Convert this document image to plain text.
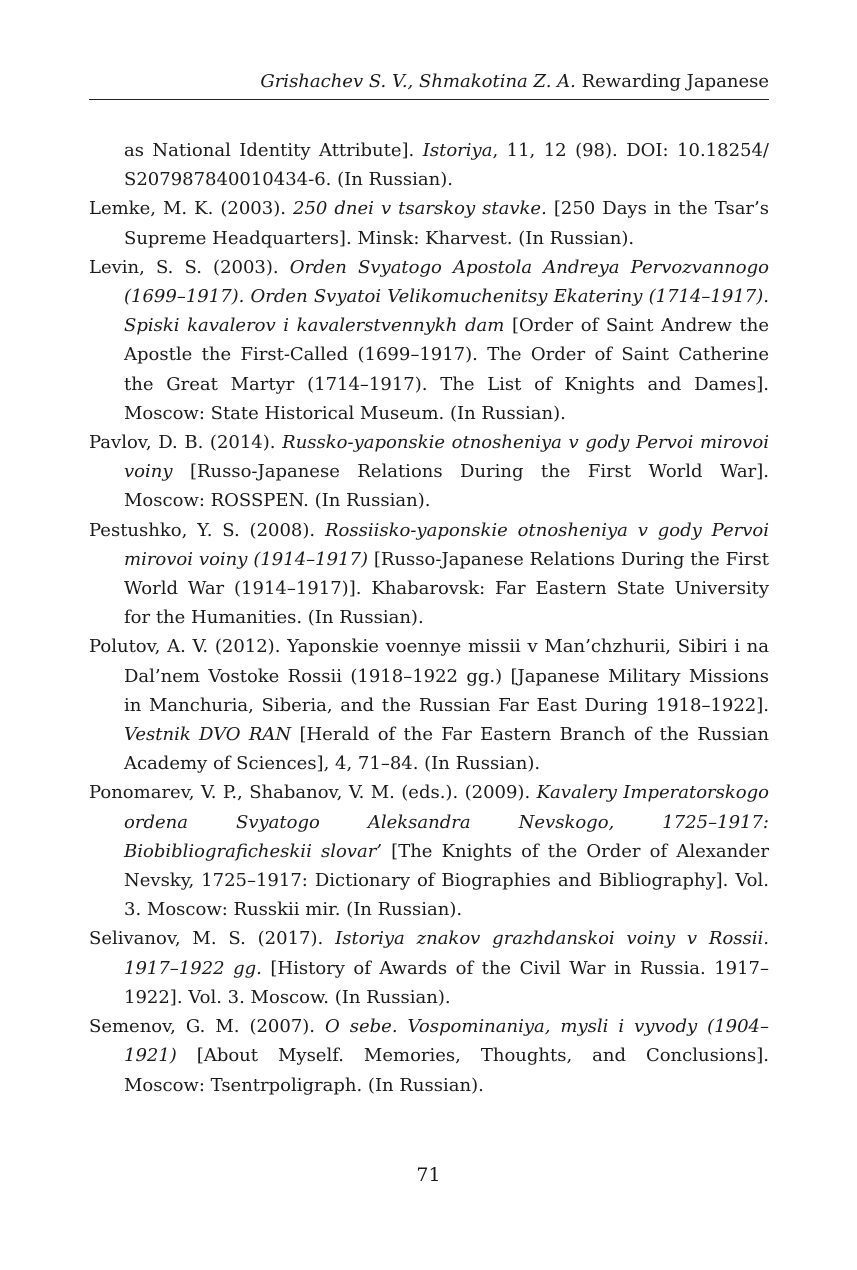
Grishachev S. V., Shmakotina Z. A. Rewarding Japanese

as National Identity Attribute]. Istoriya, 11, 12 (98). DOI: 10.18254/ S207987840010434-6. (In Russian).

Lemke, M. K. (2003). 250 dnei v tsarskoy stavke. [250 Days in the Tsar’s Supreme Headquarters]. Minsk: Kharvest. (In Russian).

Levin, S. S. (2003). Orden Svyatogo Apostola Andreya Pervozvannogo (1699–1917). Orden Svyatoi Velikomuchenitsy Ekateriny (1714–1917). Spiski kavalerov i kavalerstvennykh dam [Order of Saint Andrew the Apostle the First-Called (1699–1917). The Order of Saint Catherine the Great Martyr (1714–1917). The List of Knights and Dames]. Moscow: State Historical Museum. (In Russian).

Pavlov, D. B. (2014). Russko-yaponskie otnosheniya v gody Pervoi mirovoi voiny [Russo-Japanese Relations During the First World War]. Moscow: ROSSPEN. (In Russian).

Pestushko, Y. S. (2008). Rossiisko-yaponskie otnosheniya v gody Pervoi mirovoi voiny (1914–1917) [Russo-Japanese Relations During the First World War (1914–1917)]. Khabarovsk: Far Eastern State University for the Humanities. (In Russian).

Polutov, A. V. (2012). Yaponskie voennye missii v Man’chzhurii, Sibiri i na Dal’nem Vostoke Rossii (1918–1922 gg.) [Japanese Military Missions in Manchuria, Siberia, and the Russian Far East During 1918–1922]. Vestnik DVO RAN [Herald of the Far Eastern Branch of the Russian Academy of Sciences], 4, 71–84. (In Russian).

Ponomarev, V. P., Shabanov, V. M. (eds.). (2009). Kavalery Imperatorskogo ordena Svyatogo Aleksandra Nevskogo, 1725–1917: Biobibliograficheskii slovar’ [The Knights of the Order of Alexander Nevsky, 1725–1917: Dictionary of Biographies and Bibliography]. Vol. 3. Moscow: Russkii mir. (In Russian).

Selivanov, M. S. (2017). Istoriya znakov grazhdanskoi voiny v Rossii. 1917–1922 gg. [History of Awards of the Civil War in Russia. 1917–1922]. Vol. 3. Moscow. (In Russian).

Semenov, G. M. (2007). O sebe. Vospominaniya, mysli i vyvody (1904–1921) [About Myself. Memories, Thoughts, and Conclusions]. Moscow: Tsentrpoligraph. (In Russian).

71
